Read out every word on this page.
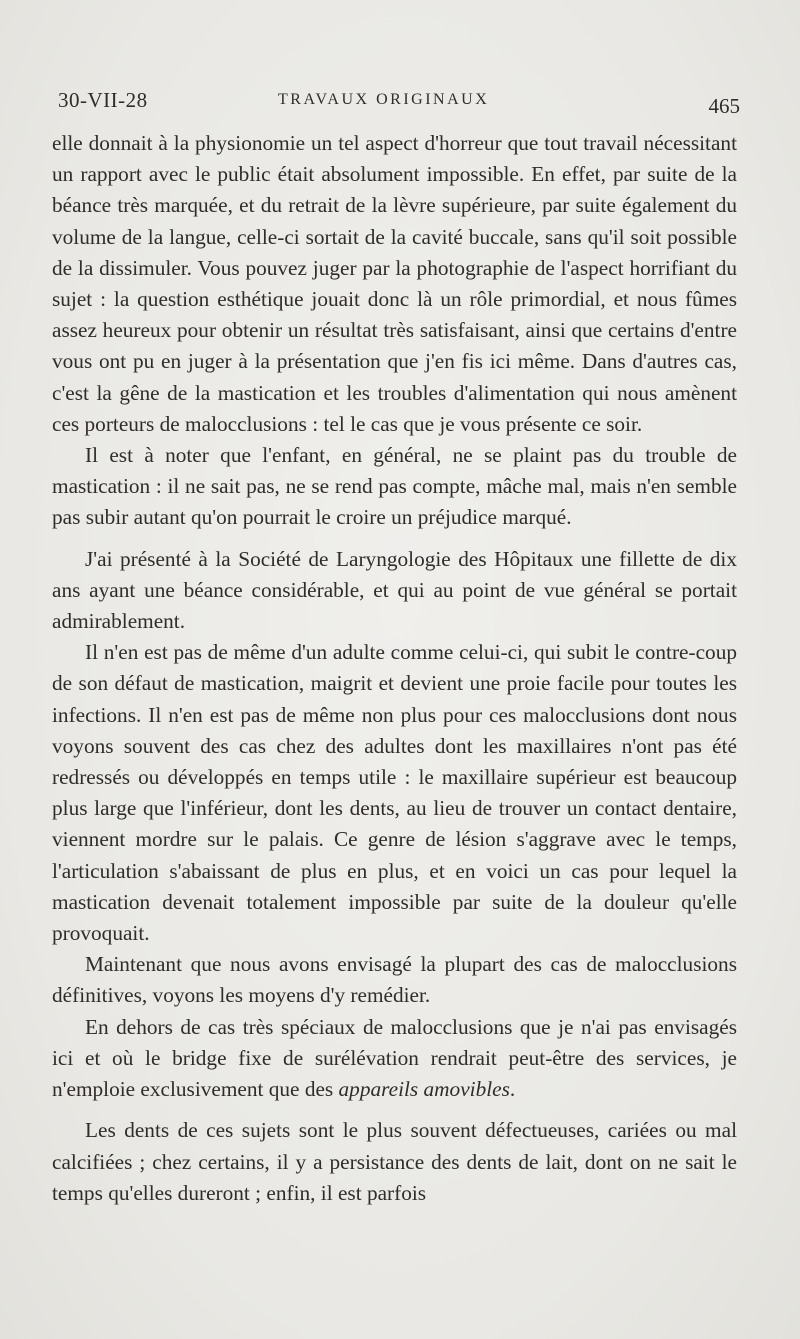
30-VII-28	TRAVAUX ORIGINAUX	465

elle donnait à la physionomie un tel aspect d'horreur que tout travail nécessitant un rapport avec le public était absolument impossible. En effet, par suite de la béance très marquée, et du retrait de la lèvre supérieure, par suite également du volume de la langue, celle-ci sortait de la cavité buccale, sans qu'il soit possible de la dissimuler. Vous pouvez juger par la photographie de l'aspect horrifiant du sujet : la question esthétique jouait donc là un rôle primordial, et nous fûmes assez heureux pour obtenir un résultat très satisfaisant, ainsi que certains d'entre vous ont pu en juger à la présentation que j'en fis ici même. Dans d'autres cas, c'est la gêne de la mastication et les troubles d'alimentation qui nous amènent ces porteurs de malocclusions : tel le cas que je vous présente ce soir.

Il est à noter que l'enfant, en général, ne se plaint pas du trouble de mastication : il ne sait pas, ne se rend pas compte, mâche mal, mais n'en semble pas subir autant qu'on pourrait le croire un préjudice marqué.

J'ai présenté à la Société de Laryngologie des Hôpitaux une fillette de dix ans ayant une béance considérable, et qui au point de vue général se portait admirablement.

Il n'en est pas de même d'un adulte comme celui-ci, qui subit le contre-coup de son défaut de mastication, maigrit et devient une proie facile pour toutes les infections. Il n'en est pas de même non plus pour ces malocclusions dont nous voyons souvent des cas chez des adultes dont les maxillaires n'ont pas été redressés ou développés en temps utile : le maxillaire supérieur est beaucoup plus large que l'inférieur, dont les dents, au lieu de trouver un contact dentaire, viennent mordre sur le palais. Ce genre de lésion s'aggrave avec le temps, l'articulation s'abaissant de plus en plus, et en voici un cas pour lequel la mastication devenait totalement impossible par suite de la douleur qu'elle provoquait.

Maintenant que nous avons envisagé la plupart des cas de malocclusions définitives, voyons les moyens d'y remédier.

En dehors de cas très spéciaux de malocclusions que je n'ai pas envisagés ici et où le bridge fixe de surélévation rendrait peut-être des services, je n'emploie exclusivement que des appareils amovibles.

Les dents de ces sujets sont le plus souvent défectueuses, cariées ou mal calcifiées ; chez certains, il y a persistance des dents de lait, dont on ne sait le temps qu'elles dureront ; enfin, il est parfois
